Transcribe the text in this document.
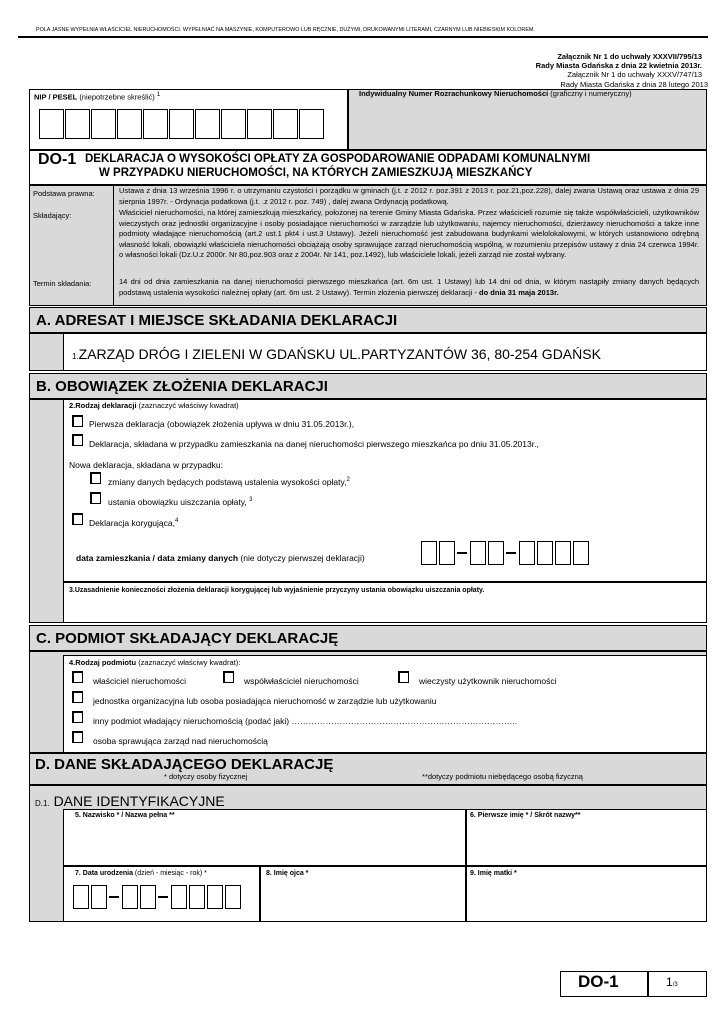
POLA JASNE WYPEŁNIA WŁAŚCICIEL NIERUCHOMOŚCI. WYPEŁNIAĆ NA MASZYNIE, KOMPUTEROWO LUB RĘCZNIE, DUŻYMI, DRUKOWANYMI LITERAMI, CZARNYM LUB NIEBIESKIM KOLOREM.
Załącznik Nr 1 do uchwały XXXVII/795/13
Rady Miasta Gdańska z dnia 22 kwietnia 2013r.
Załącznik Nr 1 do uchwały XXXV/747/13
Rady Miasta Gdańska z dnia 28 lutego 2013
NIP / PESEL (niepotrzebne skreślić) $^1$	Indywidualny Numer Rozrachunkowy Nieruchomości (graficzny i numeryczny)
DO-1 DEKLARACJA O WYSOKOŚCI OPŁATY ZA GOSPODAROWANIE ODPADAMI KOMUNALNYMI
W PRZYPADKU NIERUCHOMOŚCI, NA KTÓRYCH ZAMIESZKUJĄ MIESZKAŃCY
Podstawa prawna:	Ustawa z dnia 13 września 1996 r. o utrzymaniu czystości i porządku w gminach (j.t. z 2012 r. poz.391 z 2013 r. poz.21,poz.228), dalej zwana Ustawą oraz ustawa z dnia 29 sierpnia 1997r. - Ordynacja podatkowa (j.t. .z 2012 r. poz. 749) , dalej zwana Ordynacją podatkową.
Składający:	Właściciel nieruchomości, na której zamieszkują mieszkańcy, położonej na terenie Gminy Miasta Gdańska. Przez właścicieli rozumie się także współwłaścicieli, użytkowników wieczystych oraz jednostki organizacyjne i osoby posiadające nieruchomości w zarządzie lub użytkowaniu, najemcy nieruchomości, dzierżawcy nieruchomości a także inne podmioty władające nieruchomością (art.2 ust.1 pkt4 i ust.3 Ustawy). Jeżeli nieruchomość jest zabudowana budynkami wielolokalowymi, w których ustanowiono odrębną własność lokali, obowiązki właściciela nieruchomości obciążają osoby sprawujące zarząd nieruchomością wspólną, w rozumieniu przepisów ustawy z dnia 24 czerwca 1994r. o własności lokali (Dz.U.z 2000r. Nr 80,poz.903 oraz z 2004r. Nr 141, poz.1492), lub właściciele lokali, jeżeli zarząd nie został wybrany.
Termin składania:	14 dni od dnia zamieszkania na danej nieruchomości pierwszego mieszkańca (art. 6m ust. 1 Ustawy) lub 14 dni od dnia, w którym nastąpiły zmiany danych będących podstawą ustalenia wysokości należnej opłaty (art. 6m ust. 2 Ustawy). Termin złożenia pierwszej deklaracji - do dnia 31 maja 2013r.
A. ADRESAT I MIEJSCE SKŁADANIA DEKLARACJI
1.ZARZĄD DRÓG I ZIELENI W GDAŃSKU UL.PARTYZANTÓW 36, 80-254 GDAŃSK
B. OBOWIĄZEK ZŁOŻENIA DEKLARACJI
2.Rodzaj deklaracji (zaznaczyć właściwy kwadrat)
Pierwsza deklaracja (obowiązek złożenia upływa w dniu 31.05.2013r.),
Deklaracja, składana w przypadku zamieszkania na danej nieruchomości pierwszego mieszkańca po dniu 31.05.2013r.,
Nowa deklaracja, składana w przypadku:
zmiany danych będących podstawą ustalenia wysokości opłaty,$^2$
ustania obowiązku uiszczania opłaty, $^3$
Deklaracja korygująca,$^4$
data zamieszkania / data zmiany danych (nie dotyczy pierwszej deklaracji)
3.Uzasadnienie konieczności złożenia deklaracji korygującej lub wyjaśnienie przyczyny ustania obowiązku uiszczania opłaty.
C. PODMIOT SKŁADAJĄCY DEKLARACJĘ
4.Rodzaj podmiotu (zaznaczyć właściwy kwadrat):
właściciel nieruchomości	współwłaściciel nieruchomości	wieczysty użytkownik nieruchomości
jednostka organizacyjna lub osoba posiadająca nieruchomość w zarządzie lub użytkowaniu
inny podmiot władający nieruchomością (podać jaki) ……………………………………………………………………..
osoba sprawująca zarząd nad nieruchomością
D. DANE SKŁADAJĄCEGO DEKLARACJĘ
* dotyczy osoby fizycznej	**dotyczy podmiotu niebędącego osobą fizyczną
D.1. DANE IDENTYFIKACYJNE
5. Nazwisko * / Nazwa pełna **	6. Pierwsze imię * / Skrót nazwy**
7. Data urodzenia (dzień - miesiąc - rok) *	8. Imię ojca *	9. Imię matki *
DO-1	1/3
